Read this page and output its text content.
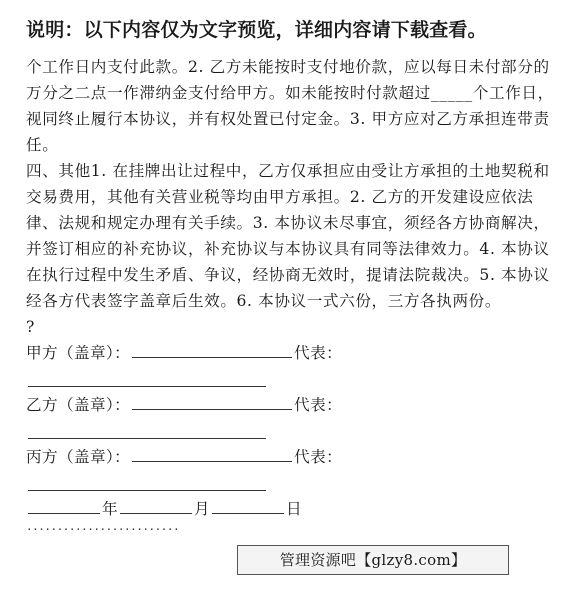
说明：以下内容仅为文字预览，详细内容请下载查看。

个工作日内支付此款。2. 乙方未能按时支付地价款，应以每日未付部分的万分之二点一作滞纳金支付给甲方。如未能按时付款超过_____个工作日，视同终止履行本协议，并有权处置已付定金。3. 甲方应对乙方承担连带责任。

四、其他1. 在挂牌出让过程中，乙方仅承担应由受让方承担的土地契税和交易费用，其他有关营业税等均由甲方承担。2. 乙方的开发建设应依法律、法规和规定办理有关手续。3. 本协议未尽事宜，须经各方协商解决，并签订相应的补充协议，补充协议与本协议具有同等法律效力。4. 本协议在执行过程中发生矛盾、争议，经协商无效时，提请法院裁决。5. 本协议经各方代表签字盖章后生效。6. 本协议一式六份，三方各执两份。

?
甲方（盖章）：	代表：
乙方（盖章）：	代表：
丙方（盖章）：	代表：
年	月	日
·························
管理资源吧【glzy8.com】
